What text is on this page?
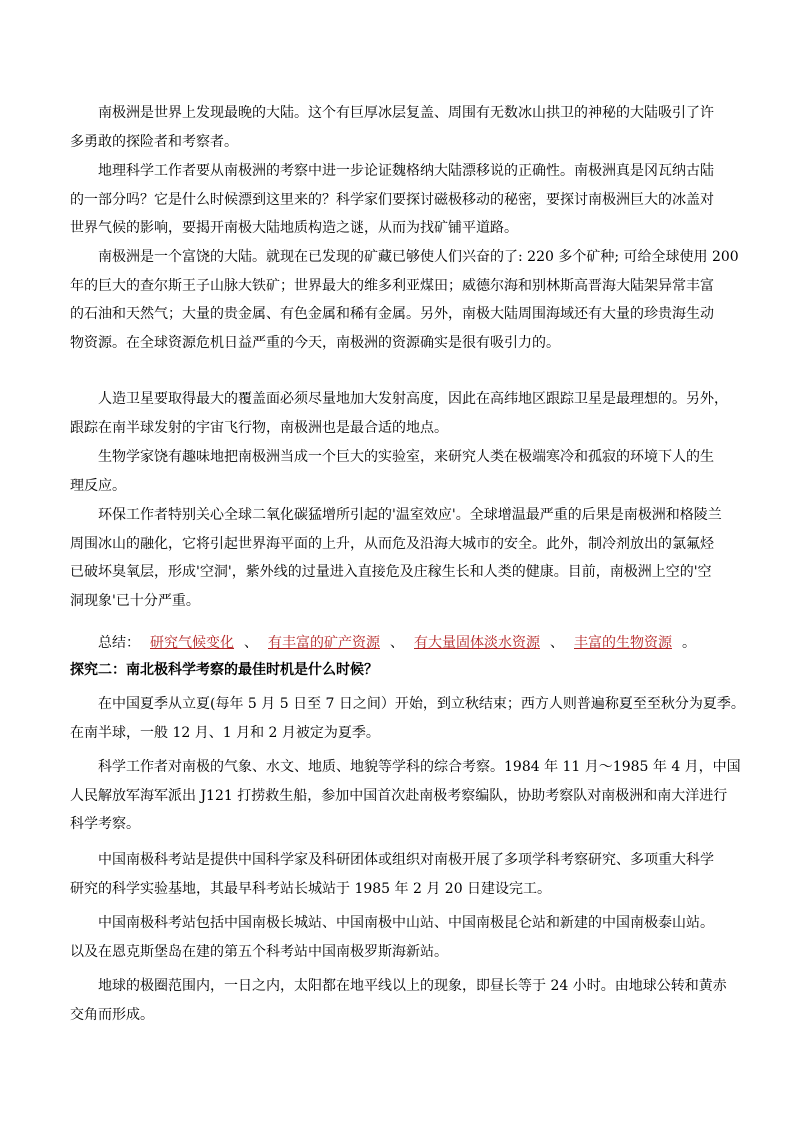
南极洲是世界上发现最晚的大陆。这个有巨厚冰层复盖、周围有无数冰山拱卫的神秘的大陆吸引了许
多勇敢的探险者和考察者。
地理科学工作者要从南极洲的考察中进一步论证魏格纳大陆漂移说的正确性。南极洲真是冈瓦纳古陆
的一部分吗？它是什么时候漂到这里来的？科学家们要探讨磁极移动的秘密，要探讨南极洲巨大的冰盖对
世界气候的影响，要揭开南极大陆地质构造之谜，从而为找矿铺平道路。
南极洲是一个富饶的大陆。就现在已发现的矿藏已够使人们兴奋的了: 220 多个矿种; 可给全球使用 200
年的巨大的查尔斯王子山脉大铁矿；世界最大的维多利亚煤田；威德尔海和别林斯高晋海大陆架异常丰富
的石油和天然气；大量的贵金属、有色金属和稀有金属。另外，南极大陆周围海域还有大量的珍贵海生动
物资源。在全球资源危机日益严重的今天，南极洲的资源确实是很有吸引力的。
人造卫星要取得最大的覆盖面必须尽量地加大发射高度，因此在高纬地区跟踪卫星是最理想的。另外，
跟踪在南半球发射的宇宙飞行物，南极洲也是最合适的地点。
生物学家饶有趣味地把南极洲当成一个巨大的实验室，来研究人类在极端寒冷和孤寂的环境下人的生
理反应。
环保工作者特别关心全球二氧化碳猛增所引起的'温室效应'。全球增温最严重的后果是南极洲和格陵兰
周围冰山的融化，它将引起世界海平面的上升，从而危及沿海大城市的安全。此外，制冷剂放出的氯氟烃
已破坏臭氧层，形成'空洞'，紫外线的过量进入直接危及庄稼生长和人类的健康。目前，南极洲上空的'空
洞现象'已十分严重。
总结： 研究气候变化 、 有丰富的矿产资源 、 有大量固体淡水资源 、 丰富的生物资源 。
探究二：南北极科学考察的最佳时机是什么时候？
在中国夏季从立夏(每年 5 月 5 日至 7 日之间）开始，到立秋结束；西方人则普遍称夏至至秋分为夏季。
在南半球，一般 12 月、1 月和 2 月被定为夏季。
科学工作者对南极的气象、水文、地质、地貌等学科的综合考察。1984 年 11 月～1985 年 4 月，中国
人民解放军海军派出 J121 打捞救生船，参加中国首次赴南极考察编队，协助考察队对南极洲和南大洋进行
科学考察。
中国南极科考站是提供中国科学家及科研团体或组织对南极开展了多项学科考察研究、多项重大科学
研究的科学实验基地，其最早科考站长城站于 1985 年 2 月 20 日建设完工。
中国南极科考站包括中国南极长城站、中国南极中山站、中国南极昆仑站和新建的中国南极泰山站。
以及在恩克斯堡岛在建的第五个科考站中国南极罗斯海新站。
地球的极圈范围内，一日之内，太阳都在地平线以上的现象，即昼长等于 24 小时。由地球公转和黄赤
交角而形成。
